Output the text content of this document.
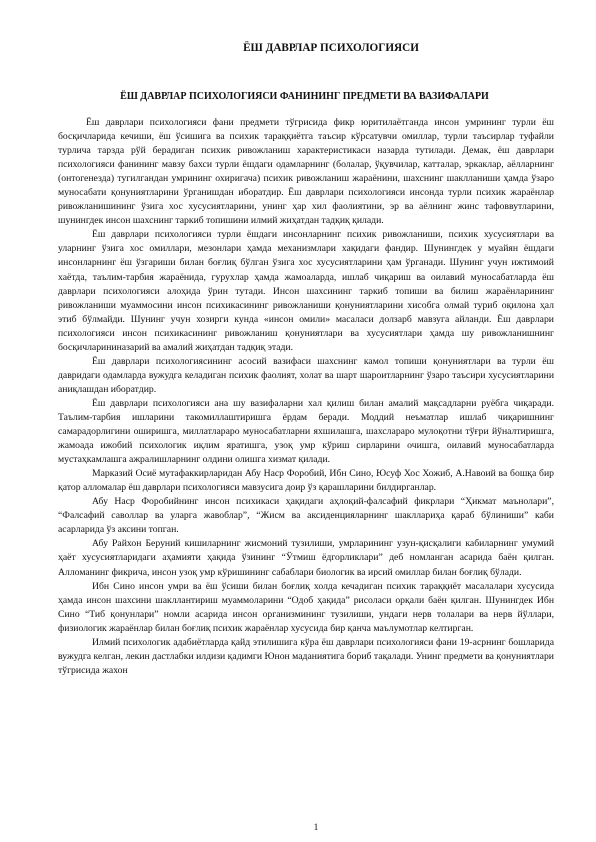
ЁШ ДАВРЛАР ПСИХОЛОГИЯСИ
ЁШ ДАВРЛАР ПСИХОЛОГИЯСИ ФАНИНИНГ ПРЕДМЕТИ ВА ВАЗИФАЛАРИ

Ёш даврлари психологияси фани предмети тўгрисида фикр юритилаётганда инсон умрининг турли ёш босқичларида кечиши, ёш ўсишига ва психик тараққиётга таъсир кўрсатувчи омиллар, турли таъсирлар туфайли турлича тарзда рўй берадиган психик ривожланиш характеристикаси назарда тутилади. Демак, ёш даврлари психологияси фанининг мавзу бахси турли ёшдаги одамларнинг (болалар, ўқувчилар, катталар, эркаклар, аёлларнинг (онтогенезда) тугилгандан умрининг охиригача) психик ривожланиш жараёнини, шахснинг шаклланиши ҳамда ўзаро муносабати қонуниятларини ўрганишдан иборатдир. Ёш даврлари психологияси инсонда турли психик жараёнлар ривожланишининг ўзига хос хусусиятларини, унинг ҳар хил фаолиятини, эр ва аёлнинг жинс тафоввутларини, шунингдек инсон шахснинг таркиб топишини илмий жиҳатдан тадқиқ қилади.

Ёш даврлари психологияси турли ёшдаги инсонларнинг психик ривожланиши, психик хусусиятлари ва уларнинг ўзига хос омиллари, мезонлари ҳамда механизмлари хақидаги фандир. Шунингдек у муайян ёшдаги инсонларнинг ёш ўзгариши билан боғлиқ бўлган ўзига хос хусусиятларини ҳам ўрганади. Шунинг учун ижтимоий хаётда, таълим-тарбия жараёнида, гурухлар ҳамда жамоаларда, ишлаб чиқариш ва оилавий муносабатларда ёш даврлари психологияси алоҳида ўрин тутади. Инсон шахсининг таркиб топиши ва билиш жараёнларининг ривожланиши муаммосини инсон психикасининг ривожланиши қонуниятларини хисобга олмай туриб оқилона ҳал этиб бўлмайди. Шунинг учун хозирги кунда «инсон омили» масаласи долзарб мавзуга айланди. Ёш даврлари психологияси инсон психикасининг ривожланиш қонуниятлари ва хусусиятлари ҳамда шу ривожланишнинг босқичларининазарий ва амалий жиҳатдан тадқиқ этади.

Ёш даврлари психологиясининг асосий вазифаси шахснинг камол топиши қонуниятлари ва турли ёш давридаги одамларда вужудга келадиган психик фаолият, холат ва шарт шароитларнинг ўзаро таъсири хусусиятларини аниқлашдан иборатдир.

Ёш даврлари психологияси ана шу вазифаларни хал қилиш билан амалий мақсадларни руёбга чиқаради. Таълим-тарбия ишларини такомиллаштиришга ёрдам беради. Моддий неъматлар ишлаб чиқаришнинг самарадорлигини оширишга, миллатлараро муносабатларни яхшилашга, шахсларaро мулоқотни тўғри йўналтиришга, жамоада ижобий психологик иқлим яратишга, узоқ умр кўриш сирларини очишга, оилавий муносабатларда мустаҳкамлашга ажралишларнинг олдини олишга хизмат қилади.

Марказий Осиё мутафаккирларидан Абу Наср Форобий, Ибн Сино, Юсуф Хос Хожиб, А.Навоий ва бошқа бир қатор алломалар ёш даврлари психологияси мавзусига доир ўз қарашларини билдирганлар.

Абу Наср Форобийнинг инсон психикаси ҳақидаги аҳлоқий-фалсафий фикрлари “Ҳикмат маънолари”, “Фалсафий саволлар ва уларга жавоблар”, “Жисм ва аксиденцияларнинг шакллариҳа қараб бўлиниши” каби асарларида ўз аксини топган.

Абу Райхон Беруний кишиларнинг жисмоний тузилиши, умрларининг узун-қисқалиги кабиларнинг умумий ҳаёт хусусиятларидаги аҳамияти ҳақида ўзининг “Ўтмиш ёдгорликлари” деб номланган асарида баён қилган. Алломанинг фикрича, инсон узоқ умр кўришининг сабаблари биологик ва ирсий омиллар билан боғлиқ бўлади.

Ибн Сино инсон умри ва ёш ўсиши билан боғлиқ холда кечадиган психик тараққиёт масалалари хусусида ҳамда инсон шахсини шакллантириш муаммоларини “Одоб ҳақида” рисоласи орқали баён қилган. Шунингдек Ибн Сино “Тиб қонунлари” номли асарида инсон организмининг тузилиши, ундаги нерв толалари ва нерв йўллари, физиологик жараёнлар билан боғлиқ психик жараёнлар хусусида бир қанча маълумотлар келтирган.

Илмий психологик адабиётларда қайд этилишига кўра ёш даврлари психологияси фани 19-асрнинг бошларида вужудга келган, лекин дастлабки илдизи қадимги Юнон маданиятига бориб тақалади. Унинг предмети ва қонуниятлари тўгрисида жахон

1
